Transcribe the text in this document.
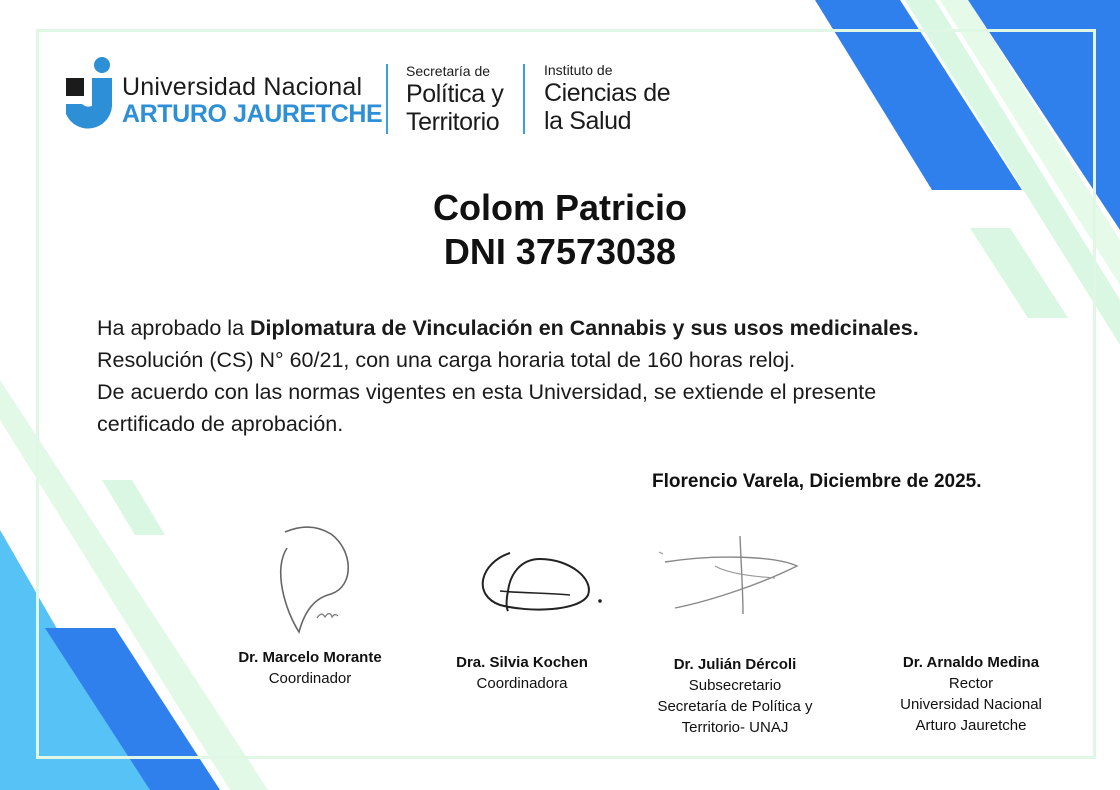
Universidad Nacional
ARTURO JAURETCHE
Secretaría de
Política y
Territorio
Instituto de
Ciencias de
la Salud
Colom Patricio
DNI 37573038
Ha aprobado la Diplomatura de Vinculación en Cannabis y sus usos medicinales.
Resolución (CS) N° 60/21, con una carga horaria total de 160 horas reloj.
De acuerdo con las normas vigentes en esta Universidad, se extiende el presente
certificado de aprobación.
Florencio Varela, Diciembre de 2025.
Dr. Marcelo Morante
Coordinador
Dra. Silvia Kochen
Coordinadora
Dr. Julián Dércoli
Subsecretario
Secretaría de Política y
Territorio- UNAJ
Dr. Arnaldo Medina
Rector
Universidad Nacional
Arturo Jauretche
